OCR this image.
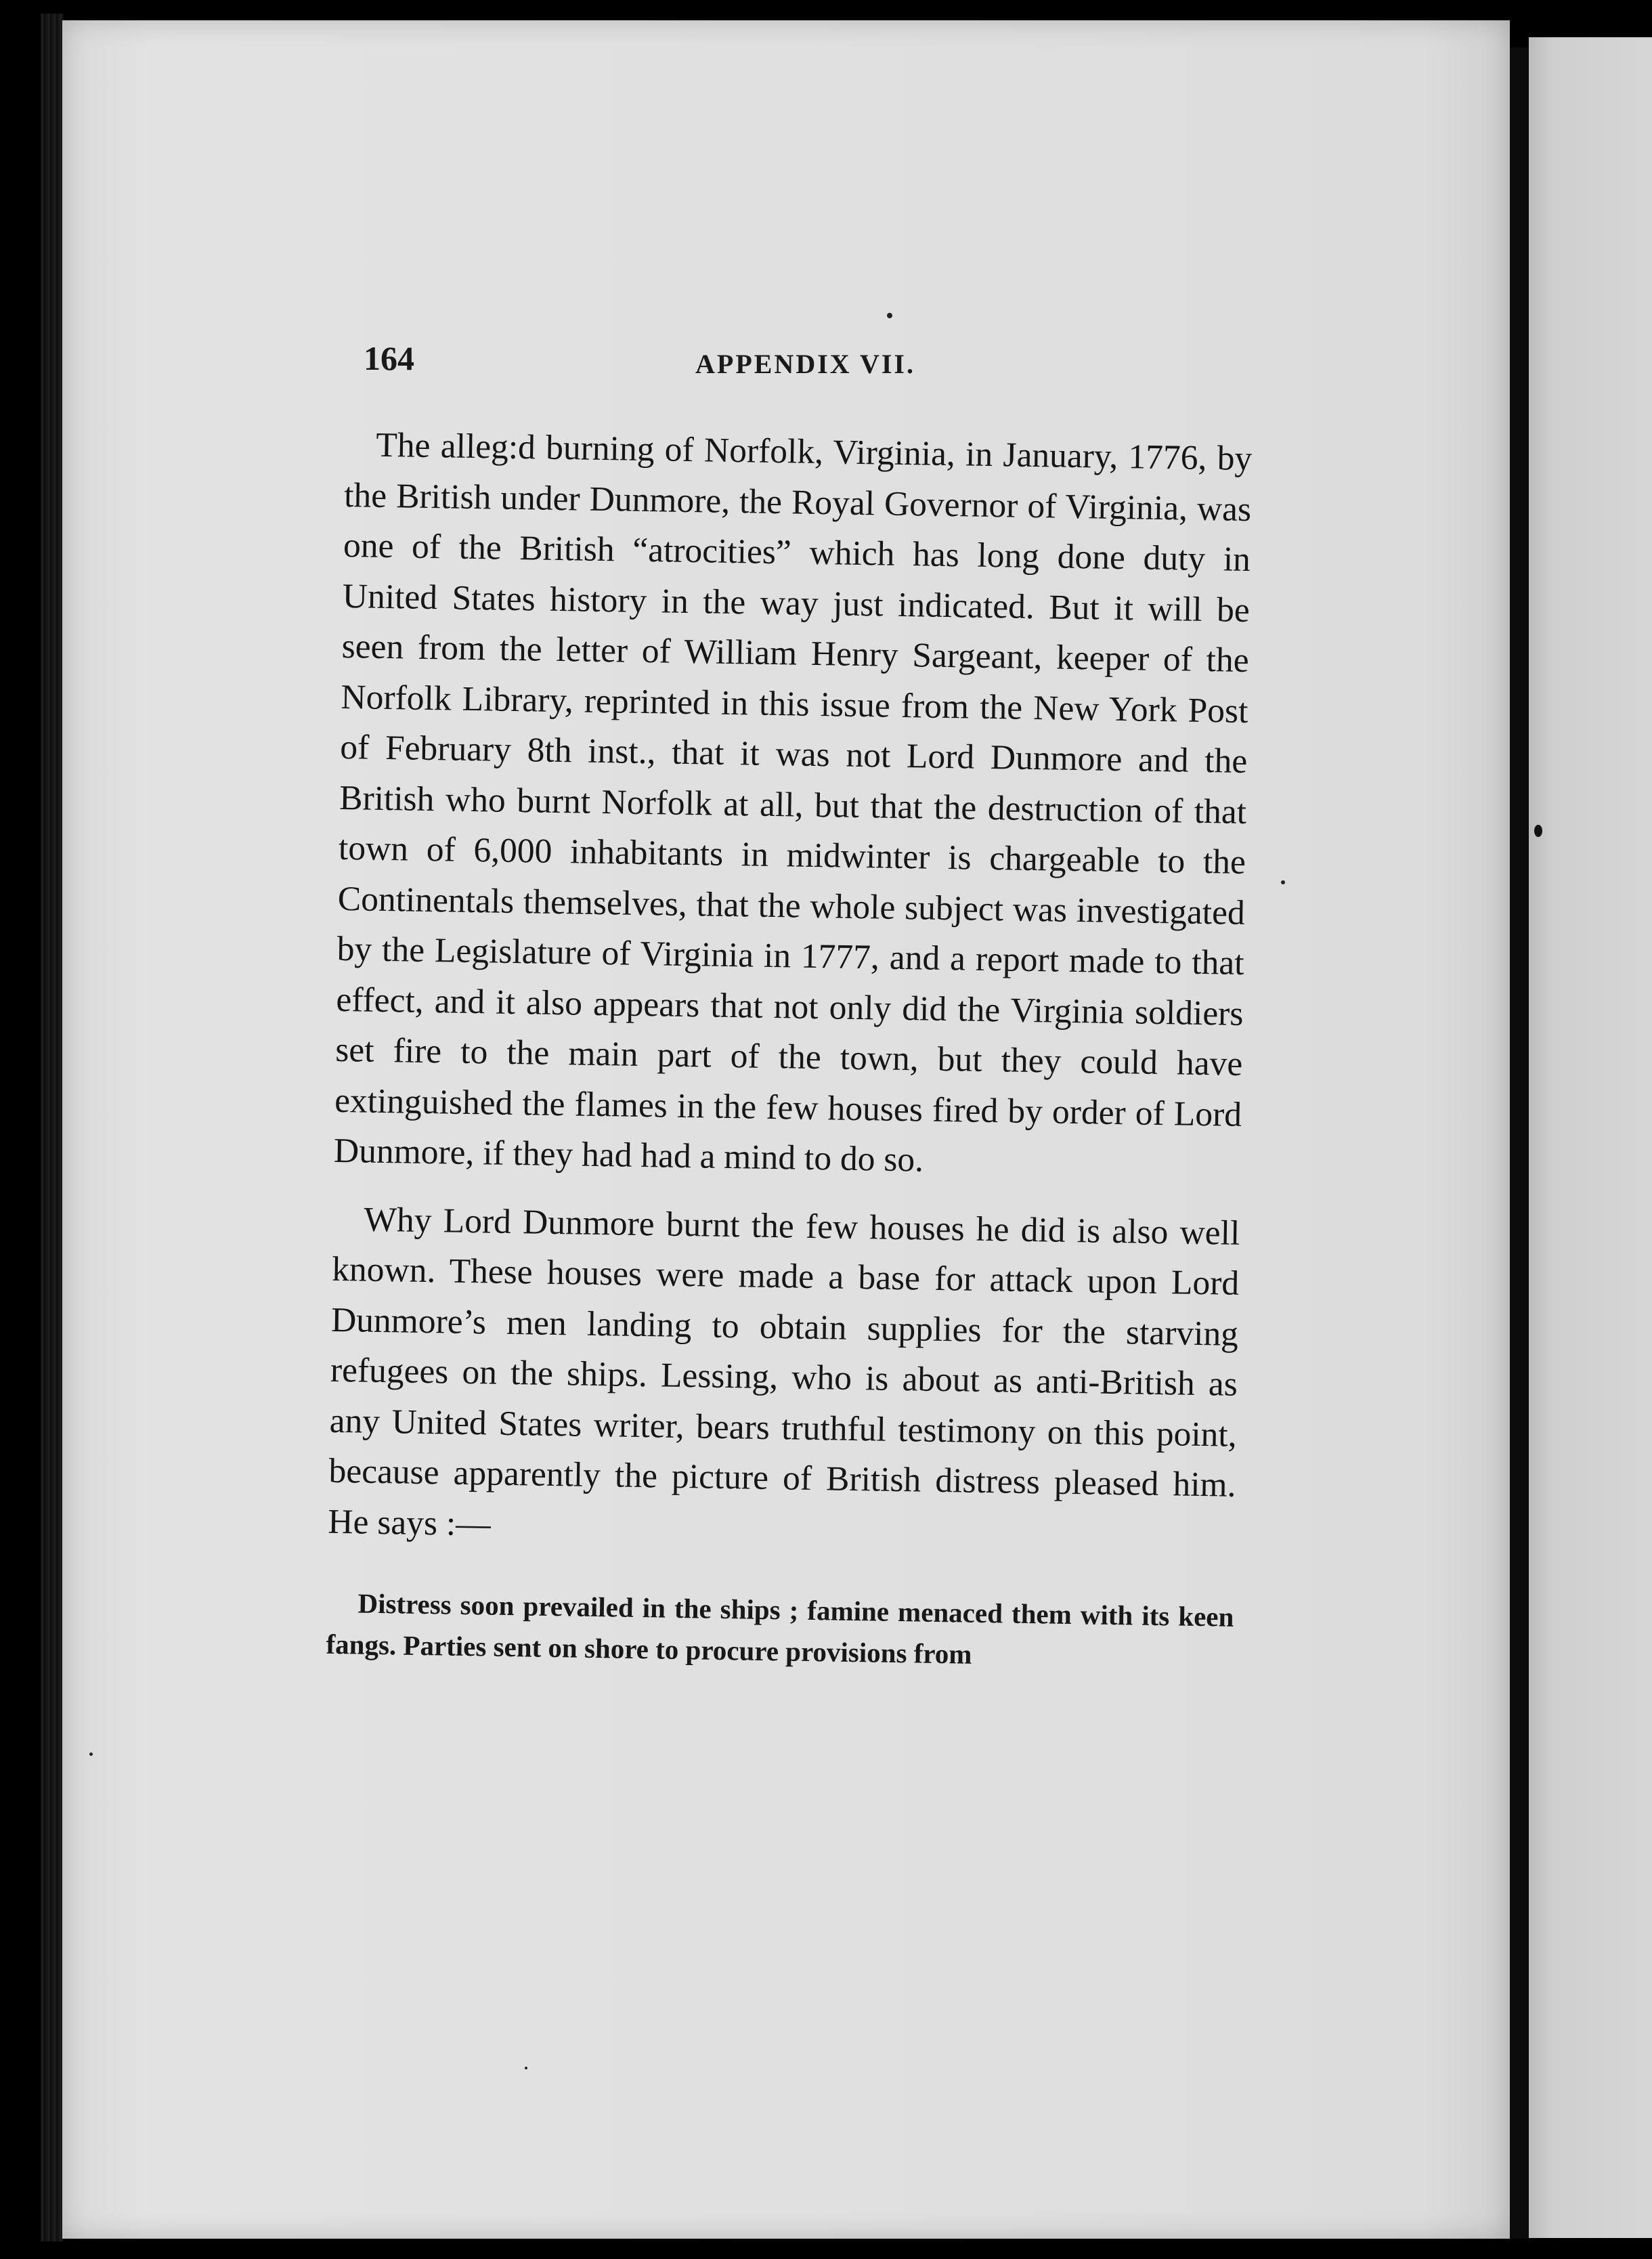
164	APPENDIX VII.

The alleg:d burning of Norfolk, Virginia, in January, 1776, by the British under Dunmore, the Royal Governor of Virginia, was one of the British “atrocities” which has long done duty in United States history in the way just indicated. But it will be seen from the letter of William Henry Sargeant, keeper of the Norfolk Library, reprinted in this issue from the New York Post of February 8th inst., that it was not Lord Dunmore and the British who burnt Norfolk at all, but that the destruction of that town of 6,000 inhabitants in midwinter is chargeable to the Continentals themselves, that the whole subject was investigated by the Legislature of Virginia in 1777, and a report made to that effect, and it also appears that not only did the Virginia soldiers set fire to the main part of the town, but they could have extinguished the flames in the few houses fired by order of Lord Dunmore, if they had had a mind to do so.

Why Lord Dunmore burnt the few houses he did is also well known. These houses were made a base for attack upon Lord Dunmore’s men landing to obtain supplies for the starving refugees on the ships. Lessing, who is about as anti-British as any United States writer, bears truthful testimony on this point, because apparently the picture of British distress pleased him. He says :—

Distress soon prevailed in the ships ; famine menaced them with its keen fangs. Parties sent on shore to procure provisions from
